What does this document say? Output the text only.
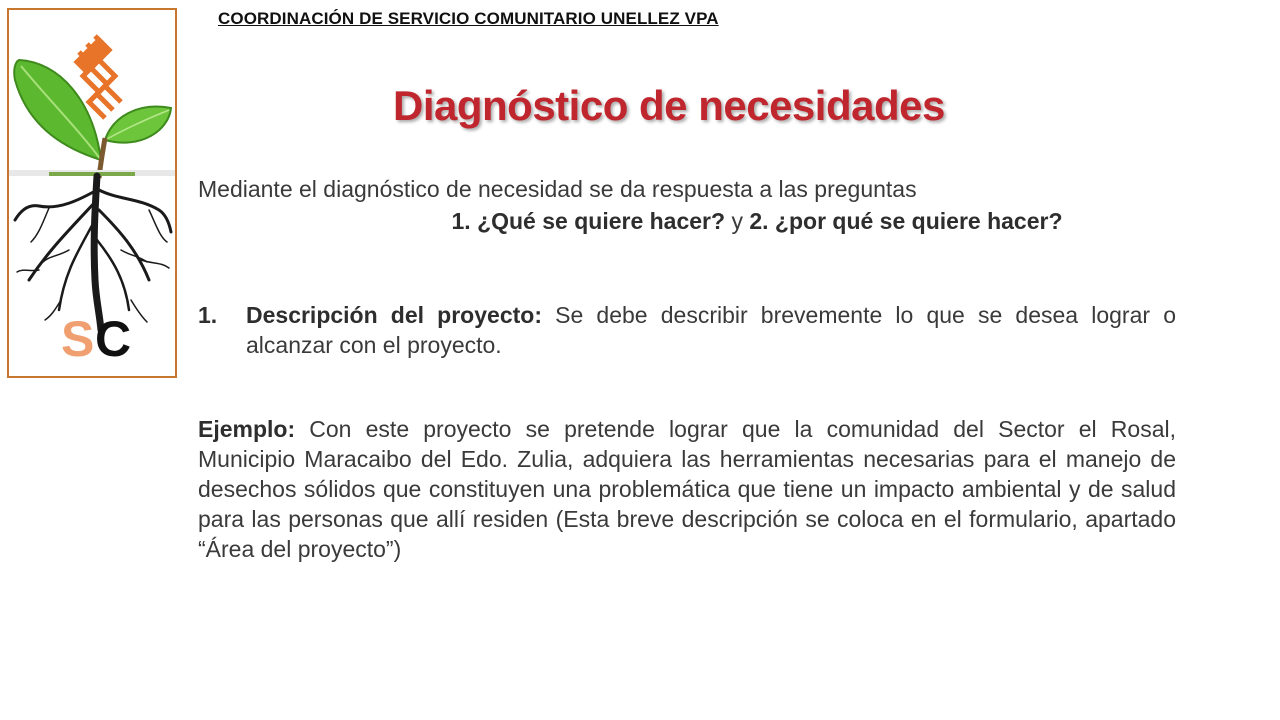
S C
COORDINACIÓN DE SERVICIO COMUNITARIO UNELLEZ VPA
Diagnóstico de necesidades
Mediante el diagnóstico de necesidad se da respuesta a las preguntas
1. ¿Qué se quiere hacer? y 2. ¿por qué se quiere hacer?
1.	Descripción del proyecto: Se debe describir brevemente lo que se desea lograr o alcanzar con el proyecto.
Ejemplo: Con este proyecto se pretende lograr que la comunidad del Sector el Rosal, Municipio Maracaibo del Edo. Zulia, adquiera las herramientas necesarias para el manejo de desechos sólidos que constituyen una problemática que tiene un impacto ambiental y de salud para las personas que allí residen (Esta breve descripción se coloca en el formulario, apartado “Área del proyecto”)
